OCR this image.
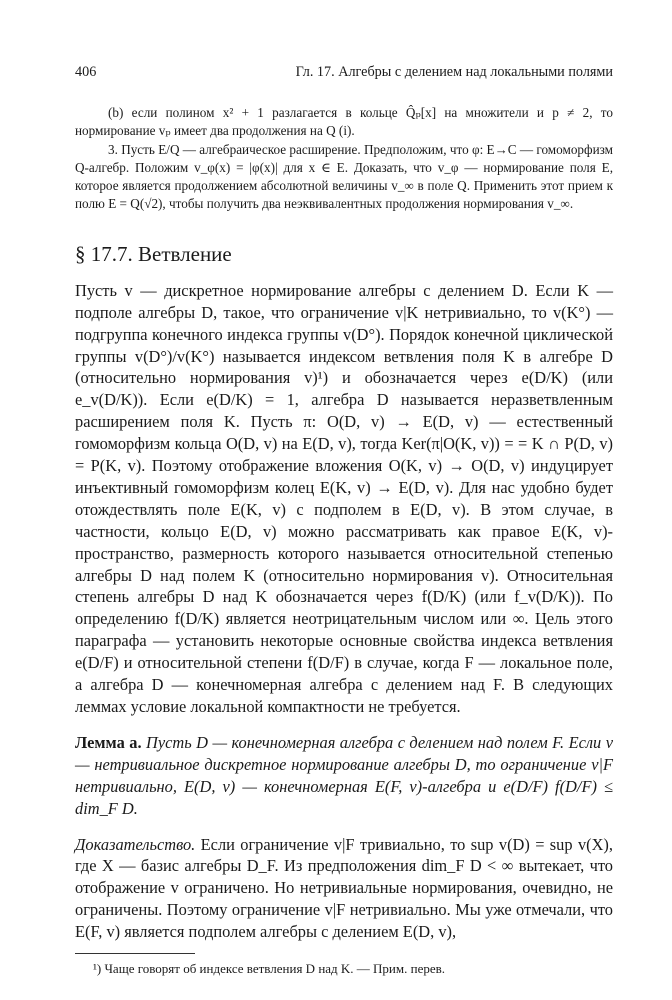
406	Гл. 17. Алгебры с делением над локальными полями

(b) если полином x² + 1 разлагается в кольце Q̂ₚ[x] на множители и p ≠ 2, то нормирование vₚ имеет два продолжения на Q (i).

3. Пусть E/Q — алгебраическое расширение. Предположим, что φ: E→C — гомоморфизм Q-алгебр. Положим v_φ(x) = |φ(x)| для x ∈ E. Доказать, что v_φ — нормирование поля E, которое является продолжением абсолютной величины v_∞ в поле Q. Применить этот прием к полю E = Q(√2), чтобы получить два неэквивалентных продолжения нормирования v_∞.

§ 17.7. Ветвление

Пусть v — дискретное нормирование алгебры с делением D. Если K — подполе алгебры D, такое, что ограничение v|K нетривиально, то v(K°) — подгруппа конечного индекса группы v(D°). Порядок конечной циклической группы v(D°)/v(K°) называется индексом ветвления поля K в алгебре D (относительно нормирования v)¹) и обозначается через e(D/K) (или e_v(D/K)). Если e(D/K) = 1, алгебра D называется неразветвленным расширением поля K. Пусть π: O(D, v) → E(D, v) — естественный гомоморфизм кольца O(D, v) на E(D, v), тогда Ker(π|O(K, v)) = = K ∩ P(D, v) = P(K, v). Поэтому отображение вложения O(K, v) → O(D, v) индуцирует инъективный гомоморфизм колец E(K, v) → E(D, v). Для нас удобно будет отождествлять поле E(K, v) с подполем в E(D, v). В этом случае, в частности, кольцо E(D, v) можно рассматривать как правое E(K, v)-пространство, размерность которого называется относительной степенью алгебры D над полем K (относительно нормирования v). Относительная степень алгебры D над K обозначается через f(D/K) (или f_v(D/K)). По определению f(D/K) является неотрицательным числом или ∞. Цель этого параграфа — установить некоторые основные свойства индекса ветвления e(D/F) и относительной степени f(D/F) в случае, когда F — локальное поле, а алгебра D — конечномерная алгебра с делением над F. В следующих леммах условие локальной компактности не требуется.

Лемма а. Пусть D — конечномерная алгебра с делением над полем F. Если v — нетривиальное дискретное нормирование алгебры D, то ограничение v|F нетривиально, E(D, v) — конечномерная E(F, v)-алгебра и e(D/F) f(D/F) ≤ dim_F D.

Доказательство. Если ограничение v|F тривиально, то sup v(D) = sup v(X), где X — базис алгебры D_F. Из предположения dim_F D < ∞ вытекает, что отображение v ограничено. Но нетривиальные нормирования, очевидно, не ограничены. Поэтому ограничение v|F нетривиально. Мы уже отмечали, что E(F, v) является подполем алгебры с делением E(D, v),

¹) Чаще говорят об индексе ветвления D над K. — Прим. перев.
